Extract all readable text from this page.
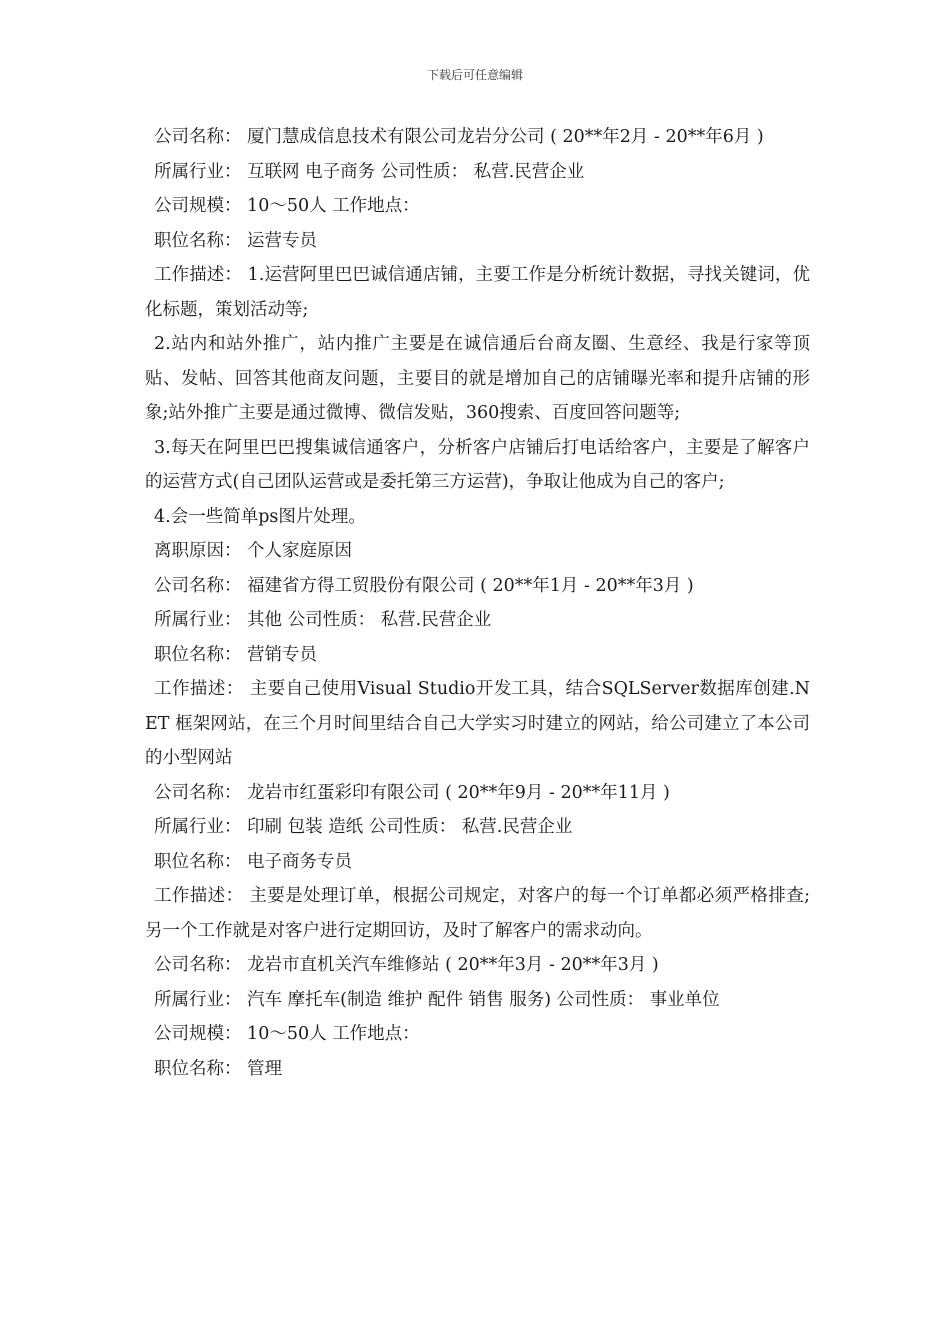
下载后可任意编辑

公司名称： 厦门慧成信息技术有限公司龙岩分公司 ( 20**年2月 - 20**年6月 )

所属行业： 互联网 电子商务 公司性质： 私营.民营企业

公司规模： 10～50人 工作地点：

职位名称： 运营专员

工作描述： 1.运营阿里巴巴诚信通店铺，主要工作是分析统计数据，寻找关键词，优化标题，策划活动等;

2.站内和站外推广，站内推广主要是在诚信通后台商友圈、生意经、我是行家等顶贴、发帖、回答其他商友问题，主要目的就是增加自己的店铺曝光率和提升店铺的形象;站外推广主要是通过微博、微信发贴，360搜索、百度回答问题等;

3.每天在阿里巴巴搜集诚信通客户，分析客户店铺后打电话给客户，主要是了解客户的运营方式(自己团队运营或是委托第三方运营)，争取让他成为自己的客户;

4.会一些简单ps图片处理。

离职原因： 个人家庭原因

公司名称： 福建省方得工贸股份有限公司 ( 20**年1月 - 20**年3月 )

所属行业： 其他 公司性质： 私营.民营企业

职位名称： 营销专员

工作描述： 主要自己使用Visual Studio开发工具，结合SQLServer数据库创建.NET 框架网站，在三个月时间里结合自己大学实习时建立的网站，给公司建立了本公司的小型网站

公司名称： 龙岩市红蛋彩印有限公司 ( 20**年9月 - 20**年11月 )

所属行业： 印刷 包装 造纸 公司性质： 私营.民营企业

职位名称： 电子商务专员

工作描述： 主要是处理订单，根据公司规定，对客户的每一个订单都必须严格排查;另一个工作就是对客户进行定期回访，及时了解客户的需求动向。

公司名称： 龙岩市直机关汽车维修站 ( 20**年3月 - 20**年3月 )

所属行业： 汽车 摩托车(制造 维护 配件 销售 服务) 公司性质： 事业单位

公司规模： 10～50人 工作地点：

职位名称： 管理
